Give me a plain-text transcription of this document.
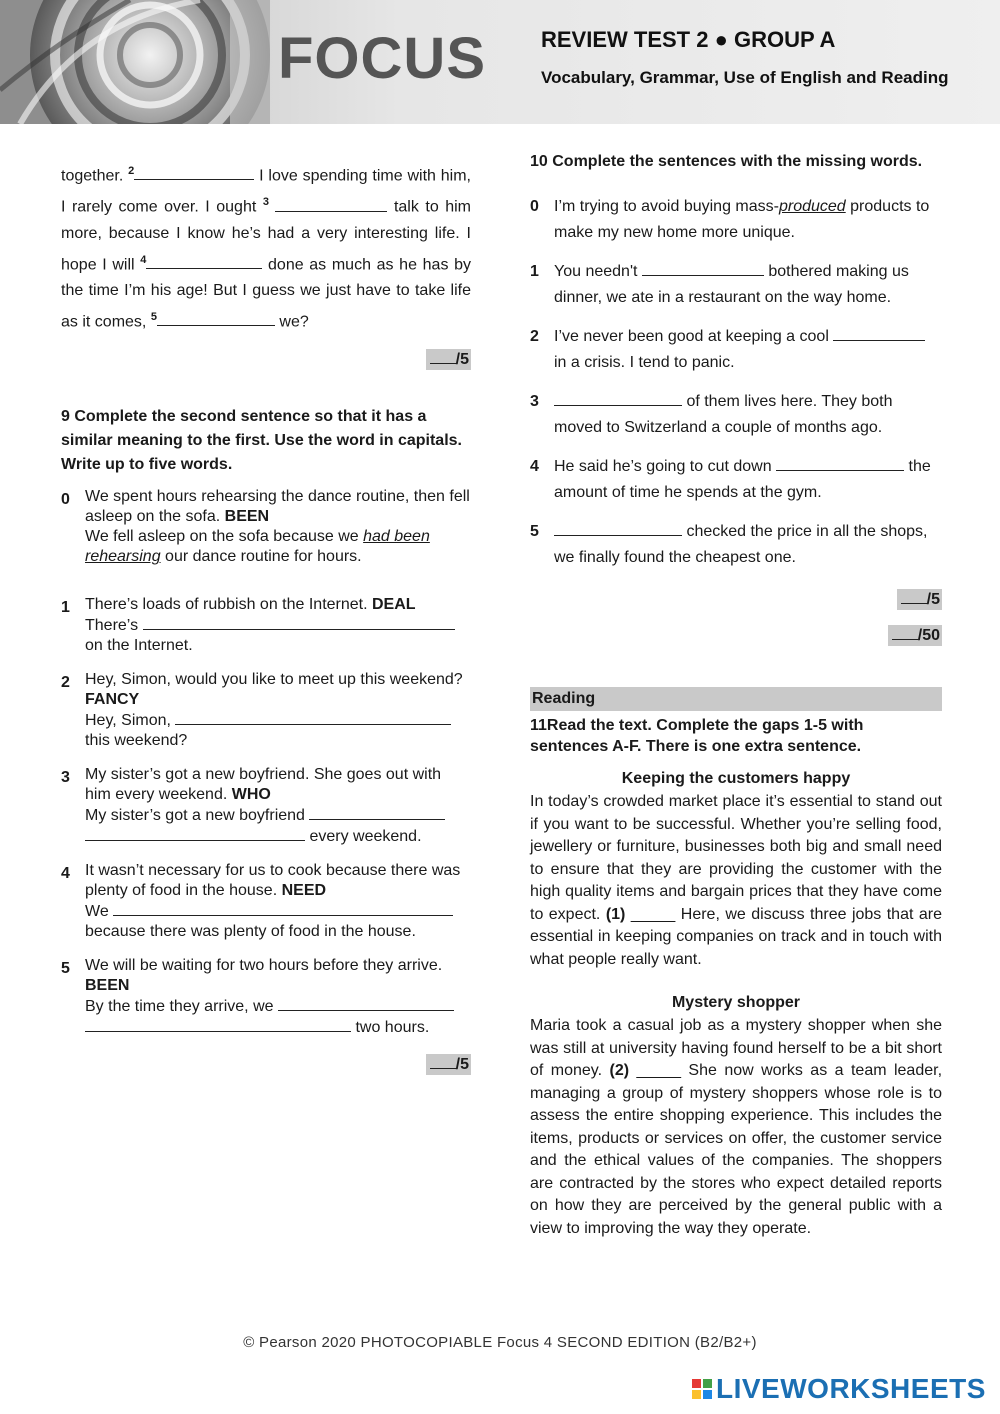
FOCUS	REVIEW TEST 2 ● GROUP A
Vocabulary, Grammar, Use of English and Reading

together. $^2$	I love spending time with him, I rarely come over. I ought $^3$	talk to him more, because I know he’s had a very interesting life. I hope I will $^4$	done as much as he has by the time I’m his age! But I guess we just have to take life as it comes, $^5$	we?

/5

9 Complete the second sentence so that it has a similar meaning to the first. Use the word in capitals. Write up to five words.

0 We spent hours rehearsing the dance routine, then fell asleep on the sofa. BEEN

We fell asleep on the sofa because we had been rehearsing our dance routine for hours.

1 There’s loads of rubbish on the Internet. DEAL

There’s
on the Internet.

2 Hey, Simon, would you like to meet up this weekend? FANCY

Hey, Simon,
this weekend?

3 My sister’s got a new boyfriend. She goes out with him every weekend. WHO

My sister’s got a new boyfriend
every weekend.

4 It wasn’t necessary for us to cook because there was plenty of food in the house. NEED

We
because there was plenty of food in the house.

5 We will be waiting for two hours before they arrive. BEEN

By the time they arrive, we
two hours.

/5

10 Complete the sentences with the missing words.

0 I’m trying to avoid buying mass-produced products to make my new home more unique.
1 You needn't	bothered making us dinner, we ate in a restaurant on the way home.
2 I’ve never been good at keeping a cool  in a crisis. I tend to panic.
3	of them lives here. They both moved to Switzerland a couple of months ago.
4 He said he’s going to cut down	the amount of time he spends at the gym.
5	checked the price in all the shops, we finally found the cheapest one.
/5
/50
Reading

11Read the text. Complete the gaps 1-5 with sentences A-F. There is one extra sentence.

Keeping the customers happy

In today’s crowded market place it’s essential to stand out if you want to be successful. Whether you’re selling food, jewellery or furniture, businesses both big and small need to ensure that they are providing the customer with the high quality items and bargain prices that they have come to expect. (1) _____ Here, we discuss three jobs that are essential in keeping companies on track and in touch with what people really want.

Mystery shopper

Maria took a casual job as a mystery shopper when she was still at university having found herself to be a bit short of money. (2) _____ She now works as a team leader, managing a group of mystery shoppers whose role is to assess the entire shopping experience. This includes the items, products or services on offer, the customer service and the ethical values of the companies. The shoppers are contracted by the stores who expect detailed reports on how they are perceived by the general public with a view to improving the way they operate.

© Pearson 2020 PHOTOCOPIABLE Focus 4 SECOND EDITION (B2/B2+)
LIVEWORKSHEETS
